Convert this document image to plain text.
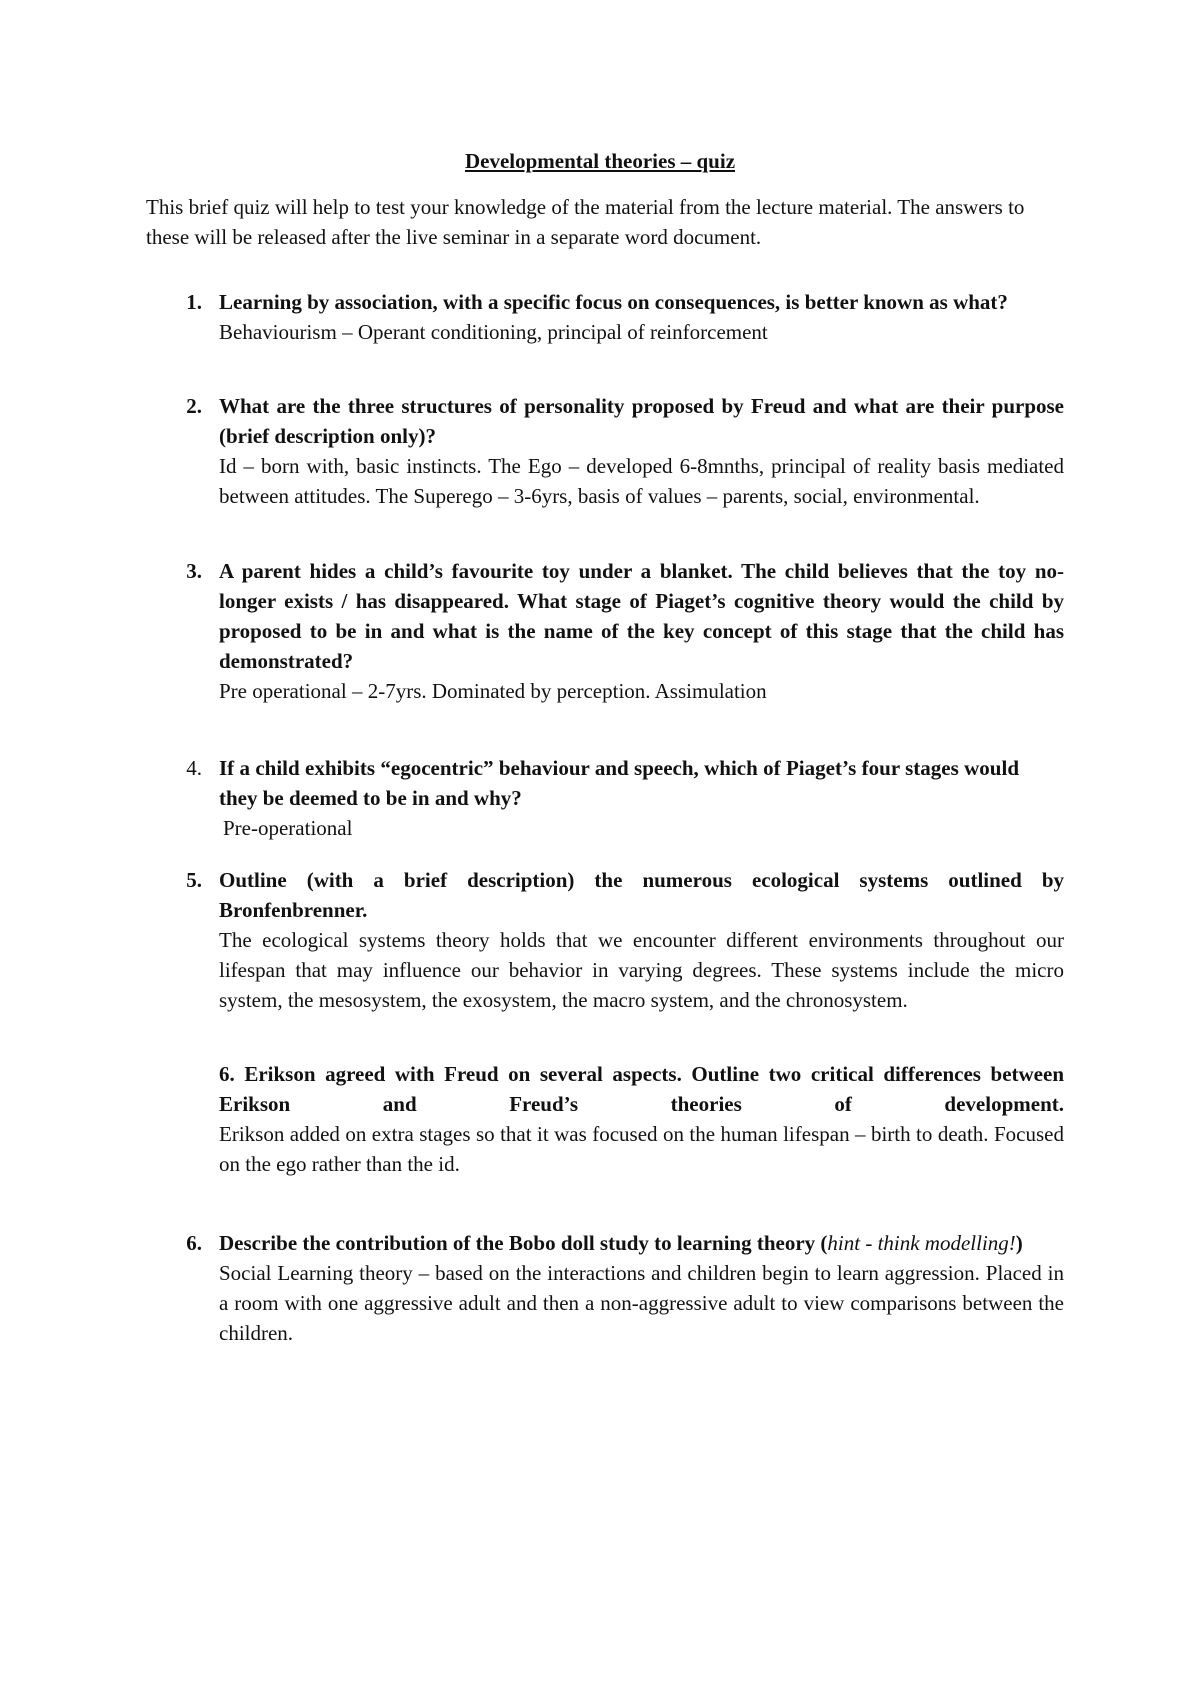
Developmental theories – quiz

This brief quiz will help to test your knowledge of the material from the lecture material. The answers to these will be released after the live seminar in a separate word document.

1. Learning by association, with a specific focus on consequences, is better known as what?

Behaviourism – Operant conditioning, principal of reinforcement

2. What are the three structures of personality proposed by Freud and what are their purpose (brief description only)?

Id – born with, basic instincts. The Ego – developed 6-8mnths, principal of reality basis mediated between attitudes. The Superego – 3-6yrs, basis of values – parents, social, environmental.

3. A parent hides a child’s favourite toy under a blanket. The child believes that the toy no-longer exists / has disappeared. What stage of Piaget’s cognitive theory would the child by proposed to be in and what is the name of the key concept of this stage that the child has demonstrated?

Pre operational – 2-7yrs. Dominated by perception. Assimulation

4. If a child exhibits “egocentric” behaviour and speech, which of Piaget’s four stages would they be deemed to be in and why?

Pre-operational

5. Outline (with a brief description) the numerous ecological systems outlined by Bronfenbrenner.

The ecological systems theory holds that we encounter different environments throughout our lifespan that may influence our behavior in varying degrees. These systems include the micro system, the mesosystem, the exosystem, the macro system, and the chronosystem.

6. Erikson agreed with Freud on several aspects. Outline two critical differences between Erikson and Freud’s theories of development.

Erikson added on extra stages so that it was focused on the human lifespan – birth to death. Focused on the ego rather than the id.

6. Describe the contribution of the Bobo doll study to learning theory (hint - think modelling!)

Social Learning theory – based on the interactions and children begin to learn aggression. Placed in a room with one aggressive adult and then a non-aggressive adult to view comparisons between the children.
